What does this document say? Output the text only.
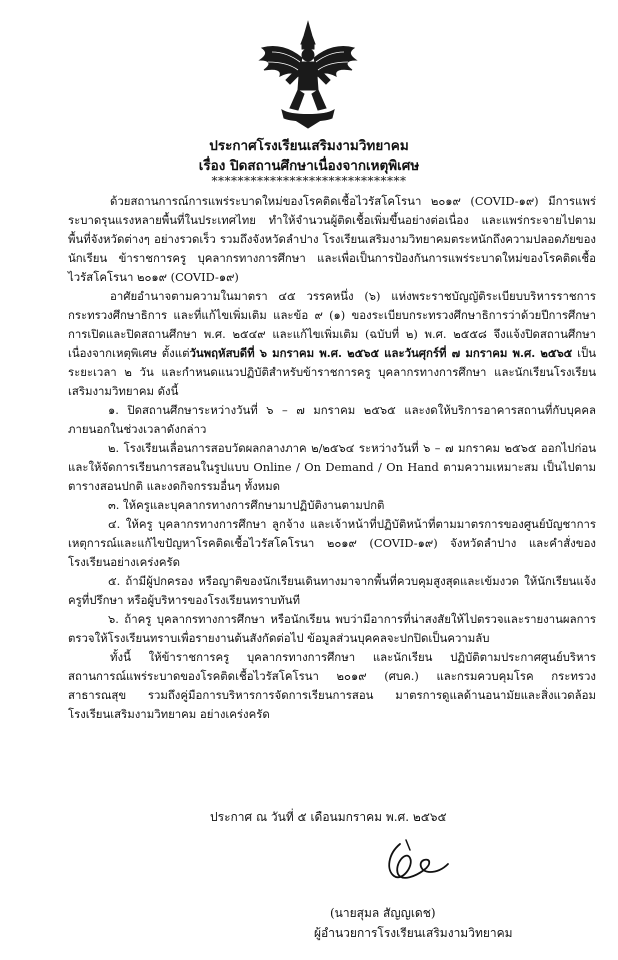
ประกาศโรงเรียนเสริมงามวิทยาคม
เรื่อง ปิดสถานศึกษาเนื่องจากเหตุพิเศษ
******************************

ด้วยสถานการณ์การแพร่ระบาดใหม่ของโรคติดเชื้อไวรัสโคโรนา ๒๐๑๙ (COVID-๑๙) มีการแพร่ระบาดรุนแรงหลายพื้นที่ในประเทศไทย ทำให้จำนวนผู้ติดเชื้อเพิ่มขึ้นอย่างต่อเนื่อง และแพร่กระจายไปตามพื้นที่จังหวัดต่างๆ อย่างรวดเร็ว รวมถึงจังหวัดลำปาง โรงเรียนเสริมงามวิทยาคมตระหนักถึงความปลอดภัยของนักเรียน ข้าราชการครู บุคลากรทางการศึกษา และเพื่อเป็นการป้องกันการแพร่ระบาดใหม่ของโรคติดเชื้อไวรัสโคโรนา ๒๐๑๙ (COVID-๑๙)

อาศัยอำนาจตามความในมาตรา ๔๕ วรรคหนึ่ง (๖) แห่งพระราชบัญญัติระเบียบบริหารราชการกระทรวงศึกษาธิการ และที่แก้ไขเพิ่มเติม และข้อ ๙ (๑) ของระเบียบกระทรวงศึกษาธิการว่าด้วยปีการศึกษา การเปิดและปิดสถานศึกษา พ.ศ. ๒๕๔๙ และแก้ไขเพิ่มเติม (ฉบับที่ ๒) พ.ศ. ๒๕๕๘ จึงแจ้งปิดสถานศึกษาเนื่องจากเหตุพิเศษ ตั้งแต่วันพฤหัสบดีที่ ๖ มกราคม พ.ศ. ๒๕๖๕ และวันศุกร์ที่ ๗ มกราคม พ.ศ. ๒๕๖๕ เป็นระยะเวลา ๒ วัน และกำหนดแนวปฏิบัติสำหรับข้าราชการครู บุคลากรทางการศึกษา และนักเรียนโรงเรียนเสริมงามวิทยาคม ดังนี้

๑. ปิดสถานศึกษาระหว่างวันที่ ๖ – ๗ มกราคม ๒๕๖๕ และงดให้บริการอาคารสถานที่กับบุคคลภายนอกในช่วงเวลาดังกล่าว

๒. โรงเรียนเลื่อนการสอบวัดผลกลางภาค ๒/๒๕๖๔ ระหว่างวันที่ ๖ – ๗ มกราคม ๒๕๖๕ ออกไปก่อนและให้จัดการเรียนการสอนในรูปแบบ Online / On Demand / On Hand ตามความเหมาะสม เป็นไปตามตารางสอนปกติ และงดกิจกรรมอื่นๆ ทั้งหมด

๓. ให้ครูและบุคลากรทางการศึกษามาปฏิบัติงานตามปกติ

๔. ให้ครู บุคลากรทางการศึกษา ลูกจ้าง และเจ้าหน้าที่ปฏิบัติหน้าที่ตามมาตรการของศูนย์บัญชาการเหตุการณ์และแก้ไขปัญหาโรคติดเชื้อไวรัสโคโรนา ๒๐๑๙ (COVID-๑๙) จังหวัดลำปาง และคำสั่งของโรงเรียนอย่างเคร่งครัด

๕. ถ้ามีผู้ปกครอง หรือญาติของนักเรียนเดินทางมาจากพื้นที่ควบคุมสูงสุดและเข้มงวด ให้นักเรียนแจ้งครูที่ปรึกษา หรือผู้บริหารของโรงเรียนทราบทันที

๖. ถ้าครู บุคลากรทางการศึกษา หรือนักเรียน พบว่ามีอาการที่น่าสงสัยให้ไปตรวจและรายงานผลการตรวจให้โรงเรียนทราบเพื่อรายงานต้นสังกัดต่อไป ข้อมูลส่วนบุคคลจะปกปิดเป็นความลับ

ทั้งนี้ ให้ข้าราชการครู บุคลากรทางการศึกษา และนักเรียน ปฏิบัติตามประกาศศูนย์บริหารสถานการณ์แพร่ระบาดของโรคติดเชื้อไวรัสโคโรนา ๒๐๑๙ (ศบค.) และกรมควบคุมโรค กระทรวงสาธารณสุข รวมถึงคู่มือการบริหารการจัดการเรียนการสอน มาตรการดูแลด้านอนามัยและสิ่งแวดล้อม โรงเรียนเสริมงามวิทยาคม อย่างเคร่งครัด

ประกาศ ณ วันที่ ๕ เดือนมกราคม พ.ศ. ๒๕๖๕
(นายสุมล สัญญเดช)
ผู้อำนวยการโรงเรียนเสริมงามวิทยาคม
